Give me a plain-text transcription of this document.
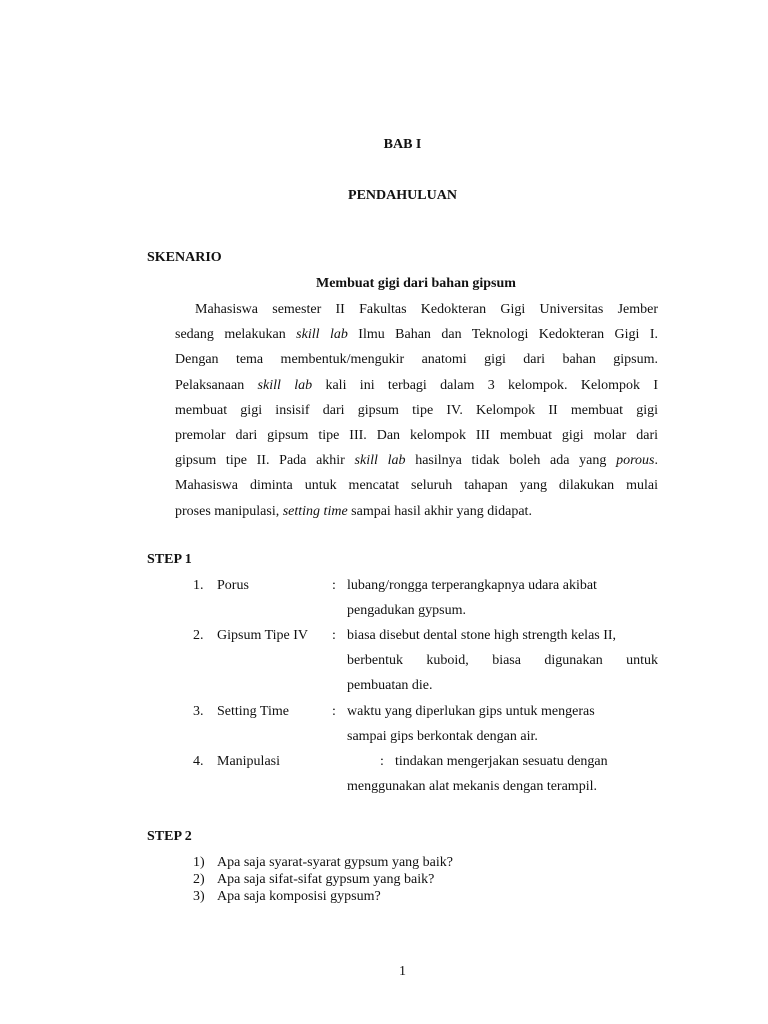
BAB I
PENDAHULUAN
SKENARIO
Membuat gigi dari bahan gipsum
Mahasiswa semester II Fakultas Kedokteran Gigi Universitas Jember
sedang melakukan skill lab Ilmu Bahan dan Teknologi Kedokteran Gigi I.
Dengan tema membentuk/mengukir anatomi gigi dari bahan gipsum.
Pelaksanaan skill lab kali ini terbagi dalam 3 kelompok. Kelompok I
membuat gigi insisif dari gipsum tipe IV. Kelompok II membuat gigi
premolar dari gipsum tipe III. Dan kelompok III membuat gigi molar dari
gipsum tipe II. Pada akhir skill lab hasilnya tidak boleh ada yang porous.
Mahasiswa diminta untuk mencatat seluruh tahapan yang dilakukan mulai
proses manipulasi, setting time sampai hasil akhir yang didapat.
STEP 1
1. Porus	: lubang/rongga terperangkapnya udara akibat
pengadukan gypsum.
2. Gipsum Tipe IV : biasa disebut dental stone high strength kelas II,
berbentuk kuboid, biasa digunakan untuk
pembuatan die.
3. Setting Time	: waktu yang diperlukan gips untuk mengeras
sampai gips berkontak dengan air.
4. Manipulasi	: tindakan mengerjakan sesuatu dengan
menggunakan alat mekanis dengan terampil.
STEP 2
1) Apa saja syarat-syarat gypsum yang baik?
2) Apa saja sifat-sifat gypsum yang baik?
3) Apa saja komposisi gypsum?
1
